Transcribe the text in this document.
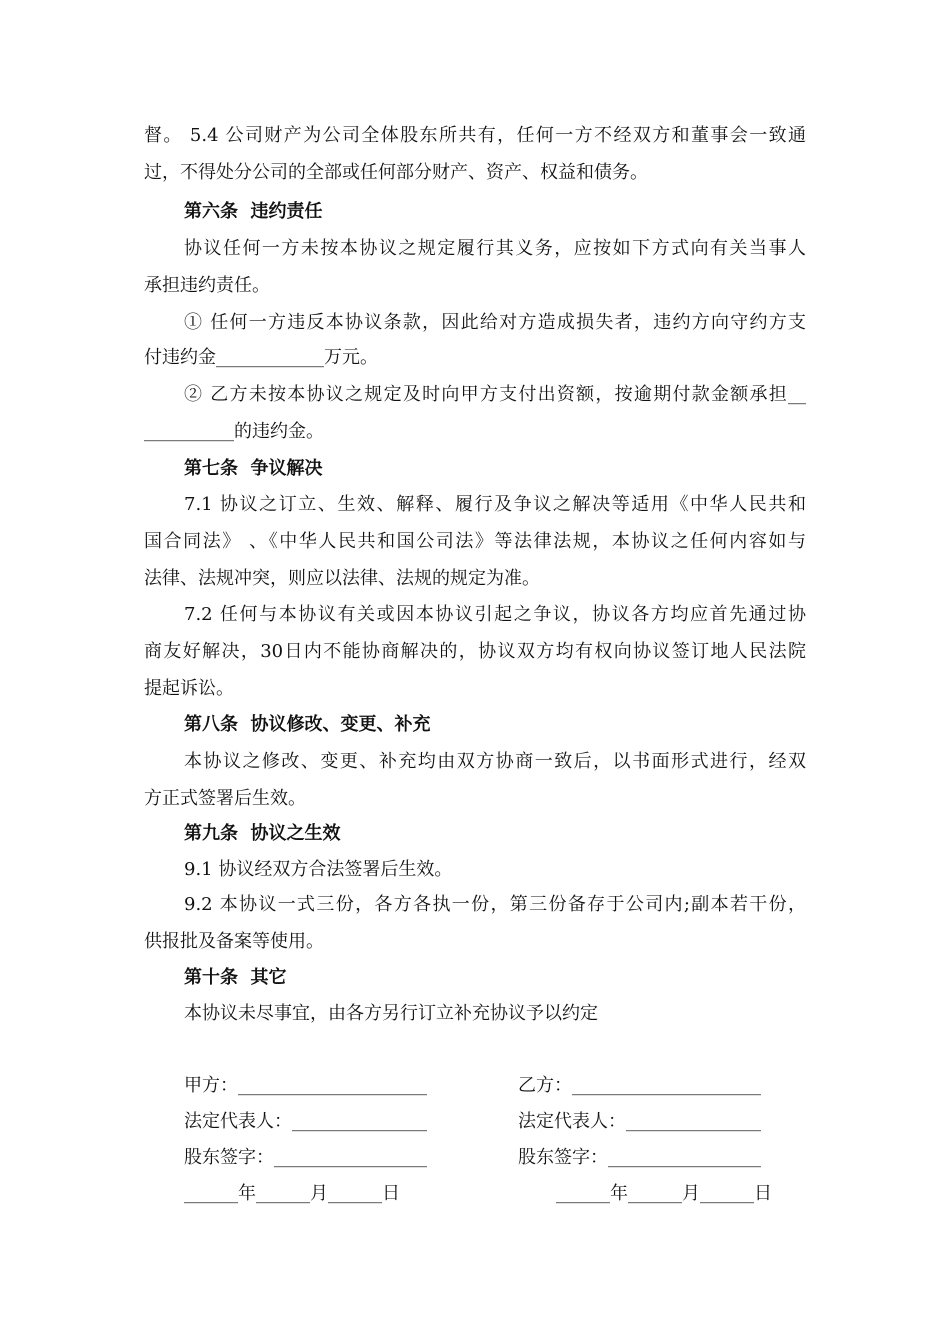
督。 5.4 公司财产为公司全体股东所共有，任何一方不经双方和董事会一致通
过，不得处分公司的全部或任何部分财产、资产、权益和债务。
第六条  违约责任
协议任何一方未按本协议之规定履行其义务，应按如下方式向有关当事人
承担违约责任。
① 任何一方违反本协议条款，因此给对方造成损失者，违约方向守约方支
付违约金____________万元。
② 乙方未按本协议之规定及时向甲方支付出资额，按逾期付款金额承担__
__________的违约金。
第七条  争议解决
7.1 协议之订立、生效、解释、履行及争议之解决等适用《中华人民共和
国合同法》 、《中华人民共和国公司法》等法律法规，本协议之任何内容如与
法律、法规冲突，则应以法律、法规的规定为准。
7.2 任何与本协议有关或因本协议引起之争议，协议各方均应首先通过协
商友好解决，30日内不能协商解决的，协议双方均有权向协议签订地人民法院
提起诉讼。
第八条  协议修改、变更、补充
本协议之修改、变更、补充均由双方协商一致后，以书面形式进行，经双
方正式签署后生效。
第九条  协议之生效
9.1 协议经双方合法签署后生效。
9.2 本协议一式三份，各方各执一份，第三份备存于公司内;副本若干份，
供报批及备案等使用。
第十条  其它
本协议未尽事宜，由各方另行订立补充协议予以约定
甲方：_____________________	乙方：_____________________
法定代表人：_______________	法定代表人：_______________
股东签字：_________________	股东签字：_________________
______年______月______日	______年______月______日
